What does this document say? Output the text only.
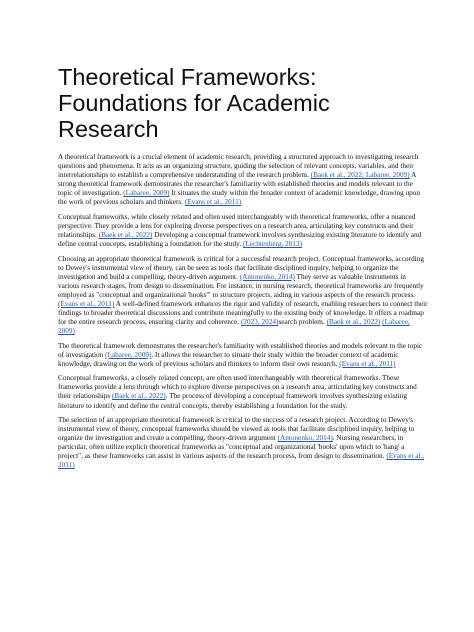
Theoretical Frameworks: Foundations for Academic Research

A theoretical framework is a crucial element of academic research, providing a structured approach to investigating research questions and phenomena. It acts as an organizing structure, guiding the selection of relevant concepts, variables, and their interrelationships to establish a comprehensive understanding of the research problem. (Baek et al., 2022; Labaree, 2009) A strong theoretical framework demonstrates the researcher's familiarity with established theories and models relevant to the topic of investigation. (Labaree, 2009) It situates the study within the broader context of academic knowledge, drawing upon the work of previous scholars and thinkers. (Evans et al., 2011)

Conceptual frameworks, while closely related and often used interchangeably with theoretical frameworks, offer a nuanced perspective. They provide a lens for exploring diverse perspectives on a research area, articulating key constructs and their relationships. (Baek et al., 2022) Developing a conceptual framework involves synthesizing existing literature to identify and define central concepts, establishing a foundation for the study. (Lechtenberg, 2013)

Choosing an appropriate theoretical framework is critical for a successful research project. Conceptual frameworks, according to Dewey's instrumental view of theory, can be seen as tools that facilitate disciplined inquiry, helping to organize the investigation and build a compelling, theory-driven argument. (Antonenko, 2014) They serve as valuable instruments in various research stages, from design to dissemination. For instance, in nursing research, theoretical frameworks are frequently employed as "conceptual and organizational 'hooks'" to structure projects, aiding in various aspects of the research process. (Evans et al., 2011) A well-defined framework enhances the rigor and validity of research, enabling researchers to connect their findings to broader theoretical discussions and contribute meaningfully to the existing body of knowledge. It offers a roadmap for the entire research process, ensuring clarity and coherence. (2023, 2024)search problem. (Baek et al., 2022) (Labaree, 2009)

The theoretical framework demonstrates the researcher's familiarity with established theories and models relevant to the topic of investigation (Labaree, 2009). It allows the researcher to situate their study within the broader context of academic knowledge, drawing on the work of previous scholars and thinkers to inform their own research. (Evans et al., 2011)

Conceptual frameworks, a closely related concept, are often used interchangeably with theoretical frameworks. These frameworks provide a lens through which to explore diverse perspectives on a research area, articulating key constructs and their relationships (Baek et al., 2022). The process of developing a conceptual framework involves synthesizing existing literature to identify and define the central concepts, thereby establishing a foundation for the study.

The selection of an appropriate theoretical framework is critical to the success of a research project. According to Dewey's instrumental view of theory, conceptual frameworks should be viewed as tools that facilitate disciplined inquiry, helping to organize the investigation and create a compelling, theory-driven argument (Antonenko, 2014). Nursing researchers, in particular, often utilize explicit theoretical frameworks as "conceptual and organizational 'hooks' upon which to 'hang' a project", as these frameworks can assist in various aspects of the research process, from design to dissemination. (Evans et al., 2011)
